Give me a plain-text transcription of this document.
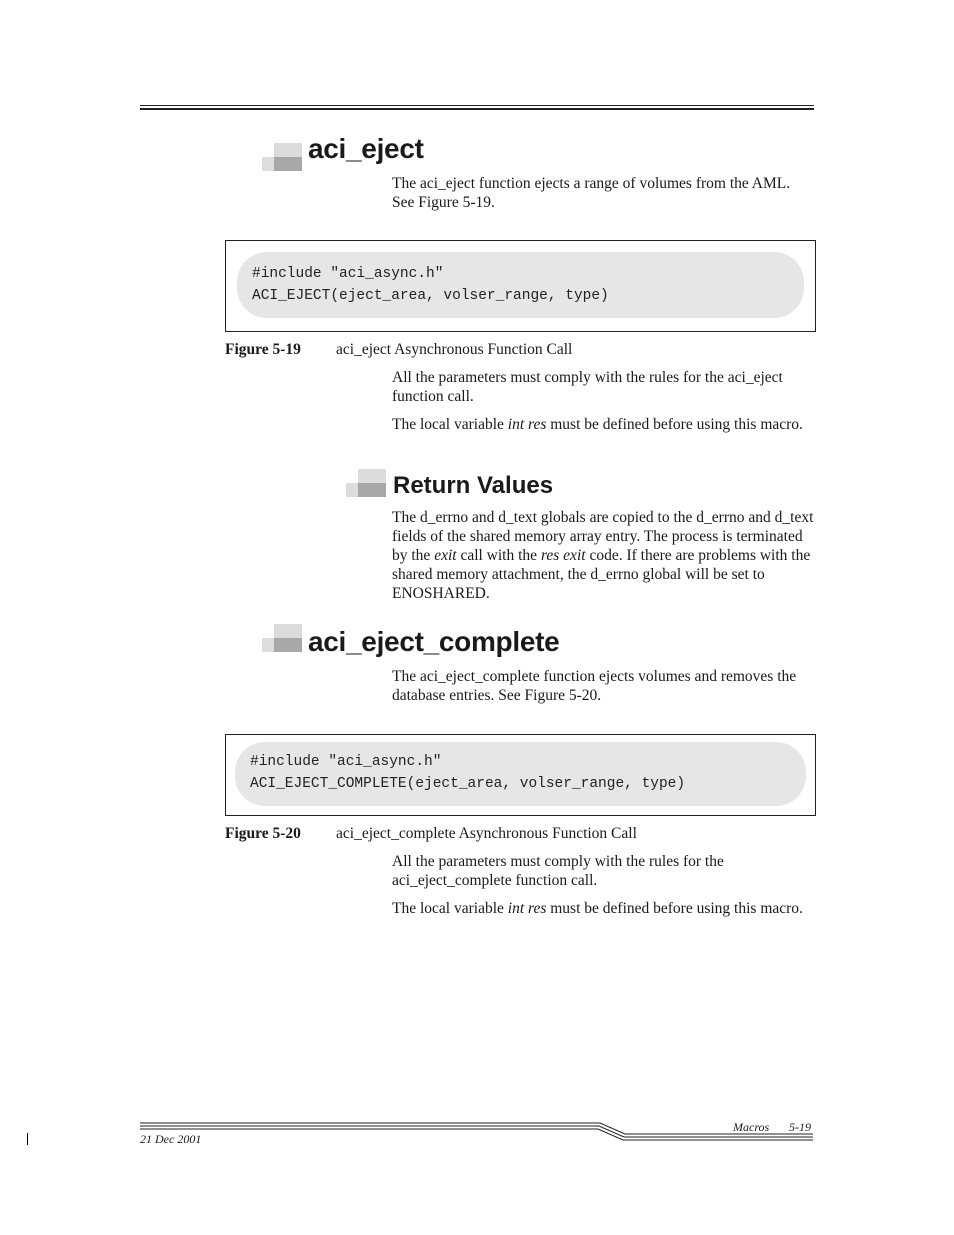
aci_eject

The aci_eject function ejects a range of volumes from the AML. See Figure 5-19.

#include "aci_async.h"
ACI_EJECT(eject_area, volser_range, type)
Figure 5-19 aci_eject Asynchronous Function Call

All the parameters must comply with the rules for the aci_eject function call.

The local variable int res must be defined before using this macro.

Return Values

The d_errno and d_text globals are copied to the d_errno and d_text fields of the shared memory array entry. The process is terminated by the exit call with the res exit code. If there are problems with the shared memory attachment, the d_errno global will be set to ENOSHARED.

aci_eject_complete

The aci_eject_complete function ejects volumes and removes the database entries. See Figure 5-20.

#include "aci_async.h"
ACI_EJECT_COMPLETE(eject_area, volser_range, type)
Figure 5-20 aci_eject_complete Asynchronous Function Call

All the parameters must comply with the rules for the aci_eject_complete function call.

The local variable int res must be defined before using this macro.

Macros 5-19
21 Dec 2001
